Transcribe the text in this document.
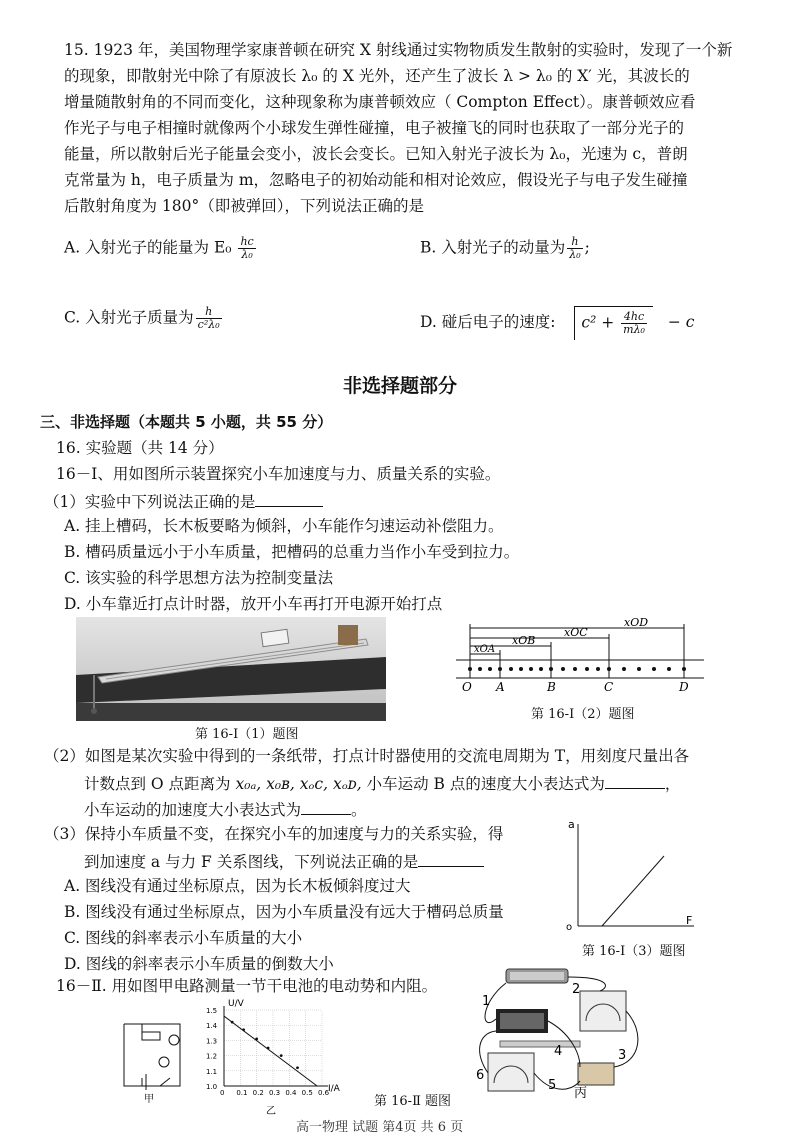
15. 1923 年，美国物理学家康普顿在研究 X 射线通过实物物质发生散射的实验时，发现了一个新
的现象，即散射光中除了有原波长 λ₀ 的 X 光外，还产生了波长 λ > λ₀ 的 X′ 光，其波长的
增量随散射角的不同而变化，这种现象称为康普顿效应（ Compton Effect）。康普顿效应看
作光子与电子相撞时就像两个小球发生弹性碰撞，电子被撞飞的同时也获取了一部分光子的
能量，所以散射后光子能量会变小，波长会变长。已知入射光子波长为 λ₀，光速为 c，普朗
克常量为 h，电子质量为 m，忽略电子的初始动能和相对论效应，假设光子与电子发生碰撞
后散射角度为 180°（即被弹回），下列说法正确的是
A. 入射光子的能量为 $E_0 \frac{hc}{\text{λ₀}}$	B. 入射光子的动量为 $\frac{h}{\text{λ₀}}$ ;
C. 入射光子质量为 $\frac{h}{\text{c²λ₀}}$	D. 碰后电子的速度: $c^2 + \frac{4hc}{\text{mλ₀}} - c$
非选择题部分
三、非选择题（本题共 5 小题，共 55 分）
16. 实验题（共 14 分）
16－Ⅰ、用如图所示装置探究小车加速度与力、质量关系的实验。
（1）实验中下列说法正确的是
A. 挂上槽码，长木板要略为倾斜，小车能作匀速运动补偿阻力。
B. 槽码质量远小于小车质量，把槽码的总重力当作小车受到拉力。
C. 该实验的科学思想方法为控制变量法
D. 小车靠近打点计时器，放开小车再打开电源开始打点
第 16-Ⅰ（1）题图
xOD
xOC
xOB
xOA
O A	B	C	D
第 16-Ⅰ（2）题图
（2）如图是某次实验中得到的一条纸带，打点计时器使用的交流电周期为 T，用刻度尺量出各
计数点到 O 点距离为 x₀ₐ, x₀ʙ, xₒc, xₒᴅ, 小车运动 B 点的速度大小表达式为	，
小车运动的加速度大小表达式为	。
（3）保持小车质量不变，在探究小车的加速度与力的关系实验，得
到加速度 a 与力 F 关系图线，下列说法正确的是
A. 图线没有通过坐标原点，因为长木板倾斜度过大
B. 图线没有通过坐标原点，因为小车质量没有远大于槽码总质量
C. 图线的斜率表示小车质量的大小
D. 图线的斜率表示小车质量的倒数大小
a
F
o
第 16-Ⅰ（3）题图
16－Ⅱ. 用如图甲电路测量一节干电池的电动势和内阻。
甲
0 0.1 0.2 0.3 0.4 0.5 0.6
1.0
1.1
1.2
1.3
1.4
1.5
U/V
I/A
乙
第 16-Ⅱ 题图
1
2
3
4
5
6
丙
高一物理 试题 第4页 共 6 页
